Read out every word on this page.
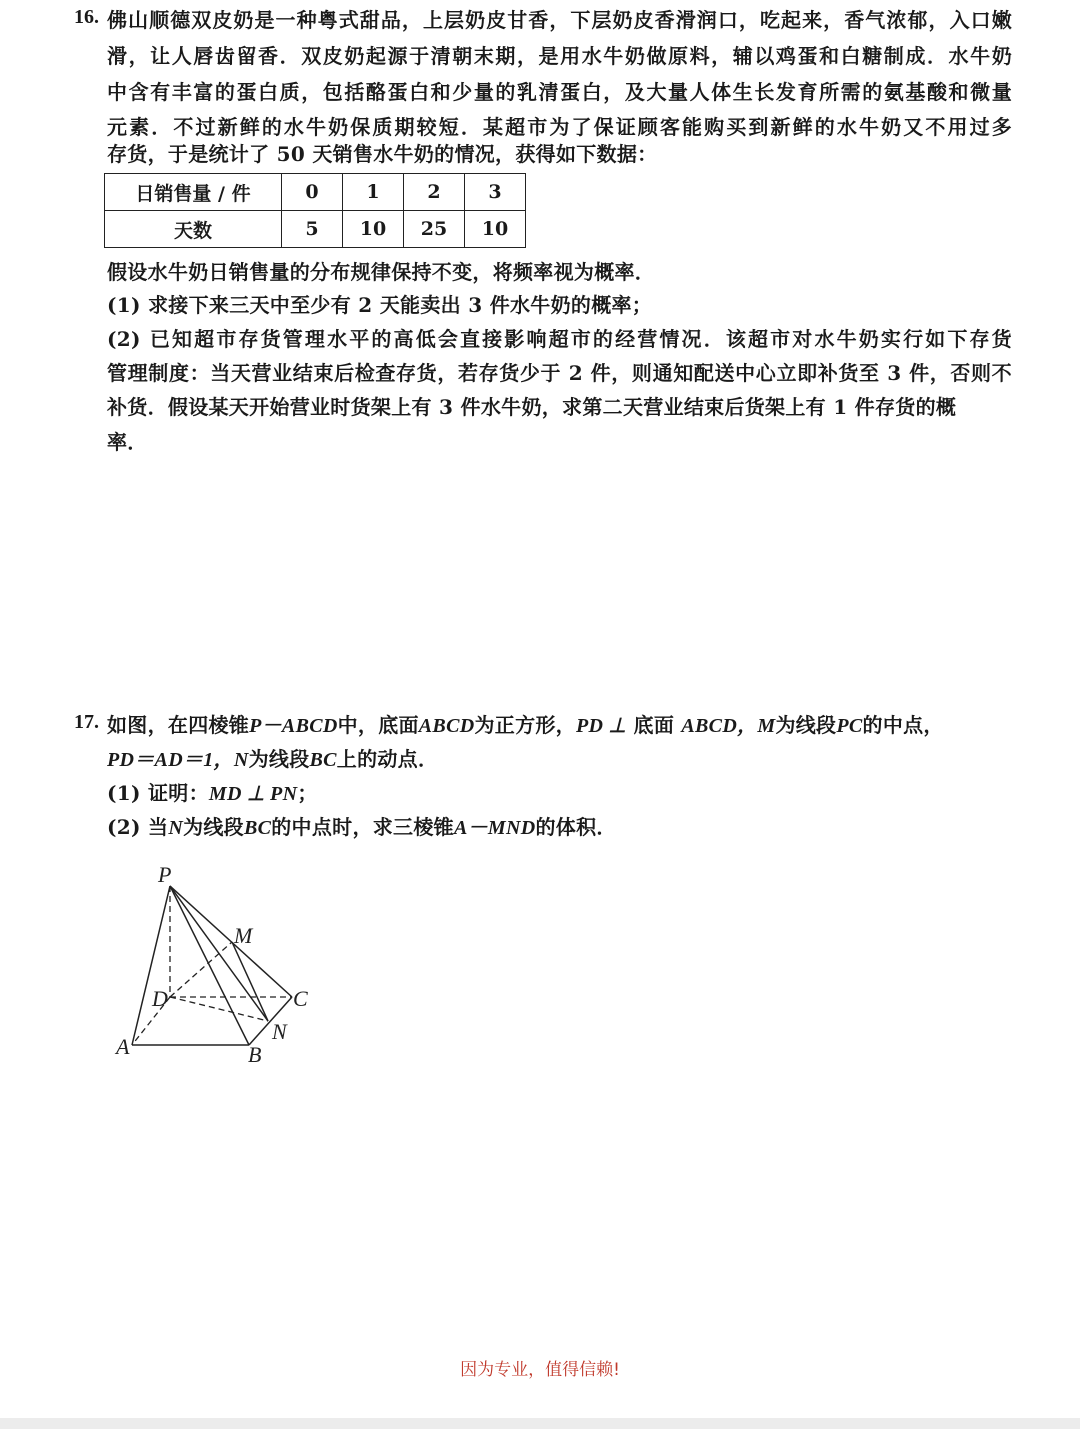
16. 佛山顺德双皮奶是一种粤式甜品，上层奶皮甘香，下层奶皮香滑润口，吃起来，香气浓郁，入口嫩
滑，让人唇齿留香．双皮奶起源于清朝末期，是用水牛奶做原料，辅以鸡蛋和白糖制成．水牛奶
中含有丰富的蛋白质，包括酪蛋白和少量的乳清蛋白，及大量人体生长发育所需的氨基酸和微量
元素．不过新鲜的水牛奶保质期较短．某超市为了保证顾客能购买到新鲜的水牛奶又不用过多
存货，于是统计了 50 天销售水牛奶的情况，获得如下数据：
日销售量 / 件	0	1	2	3
天数	5	10	25	10
假设水牛奶日销售量的分布规律保持不变，将频率视为概率．
(1) 求接下来三天中至少有 2 天能卖出 3 件水牛奶的概率；
(2) 已知超市存货管理水平的高低会直接影响超市的经营情况．该超市对水牛奶实行如下存货
管理制度：当天营业结束后检查存货，若存货少于 2 件，则通知配送中心立即补货至 3 件，否则不
补货．假设某天开始营业时货架上有 3 件水牛奶，求第二天营业结束后货架上有 1 件存货的概
率．
17. 如图，在四棱锥P－ABCD中，底面ABCD为正方形，PD ⊥ 底面 ABCD，M为线段PC的中点，
PD＝AD＝1，N为线段BC上的动点．
(1) 证明：MD ⊥ PN；
(2) 当N为线段BC的中点时，求三棱锥A－MND的体积．
P
M
D	C
N
A	B
因为专业，值得信赖!
